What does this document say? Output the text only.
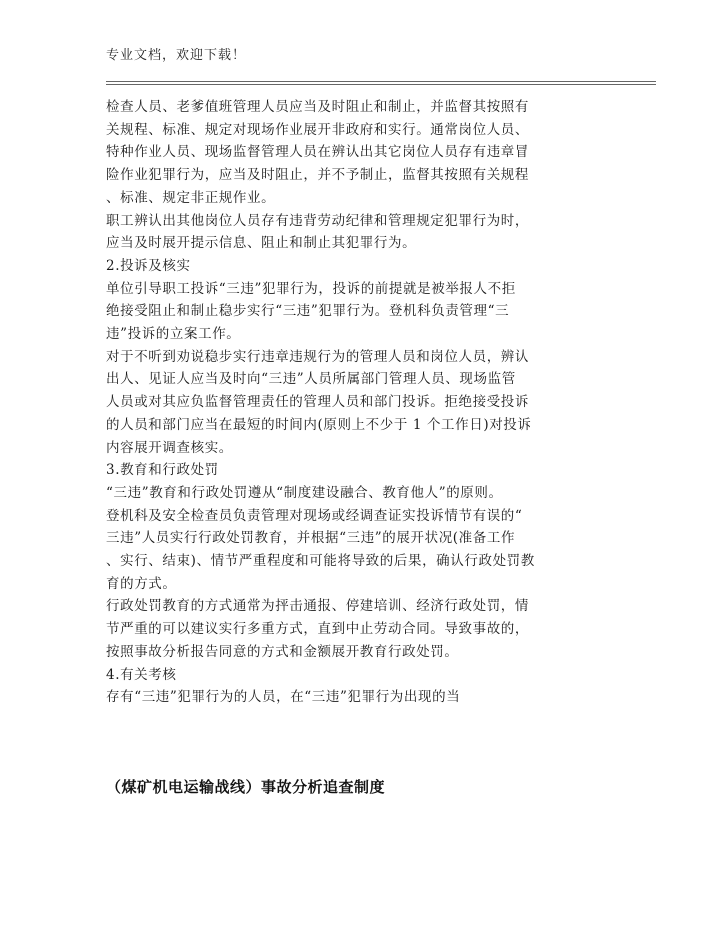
专业文档，欢迎下载！

检查人员、老爹值班管理人员应当及时阻止和制止，并监督其按照有

关规程、标准、规定对现场作业展开非政府和实行。通常岗位人员、

特种作业人员、现场监督管理人员在辨认出其它岗位人员存有违章冒

险作业犯罪行为，应当及时阻止，并不予制止，监督其按照有关规程

、标准、规定非正规作业。

职工辨认出其他岗位人员存有违背劳动纪律和管理规定犯罪行为时，

应当及时展开提示信息、阻止和制止其犯罪行为。

2.投诉及核实

单位引导职工投诉“三违”犯罪行为，投诉的前提就是被举报人不拒

绝接受阻止和制止稳步实行“三违”犯罪行为。登机科负责管理“三

违”投诉的立案工作。

对于不听到劝说稳步实行违章违规行为的管理人员和岗位人员，辨认

出人、见证人应当及时向“三违”人员所属部门管理人员、现场监管

人员或对其应负监督管理责任的管理人员和部门投诉。拒绝接受投诉

的人员和部门应当在最短的时间内(原则上不少于 1 个工作日)对投诉

内容展开调查核实。

3.教育和行政处罚

“三违”教育和行政处罚遵从“制度建设融合、教育他人”的原则。

登机科及安全检查员负责管理对现场或经调查证实投诉情节有误的“

三违”人员实行行政处罚教育，并根据“三违”的展开状况(准备工作

、实行、结束)、情节严重程度和可能将导致的后果，确认行政处罚教

育的方式。

行政处罚教育的方式通常为抨击通报、停建培训、经济行政处罚，情

节严重的可以建议实行多重方式，直到中止劳动合同。导致事故的，

按照事故分析报告同意的方式和金额展开教育行政处罚。

4.有关考核

存有“三违”犯罪行为的人员，在“三违”犯罪行为出现的当

（煤矿机电运输战线）事故分析追查制度
